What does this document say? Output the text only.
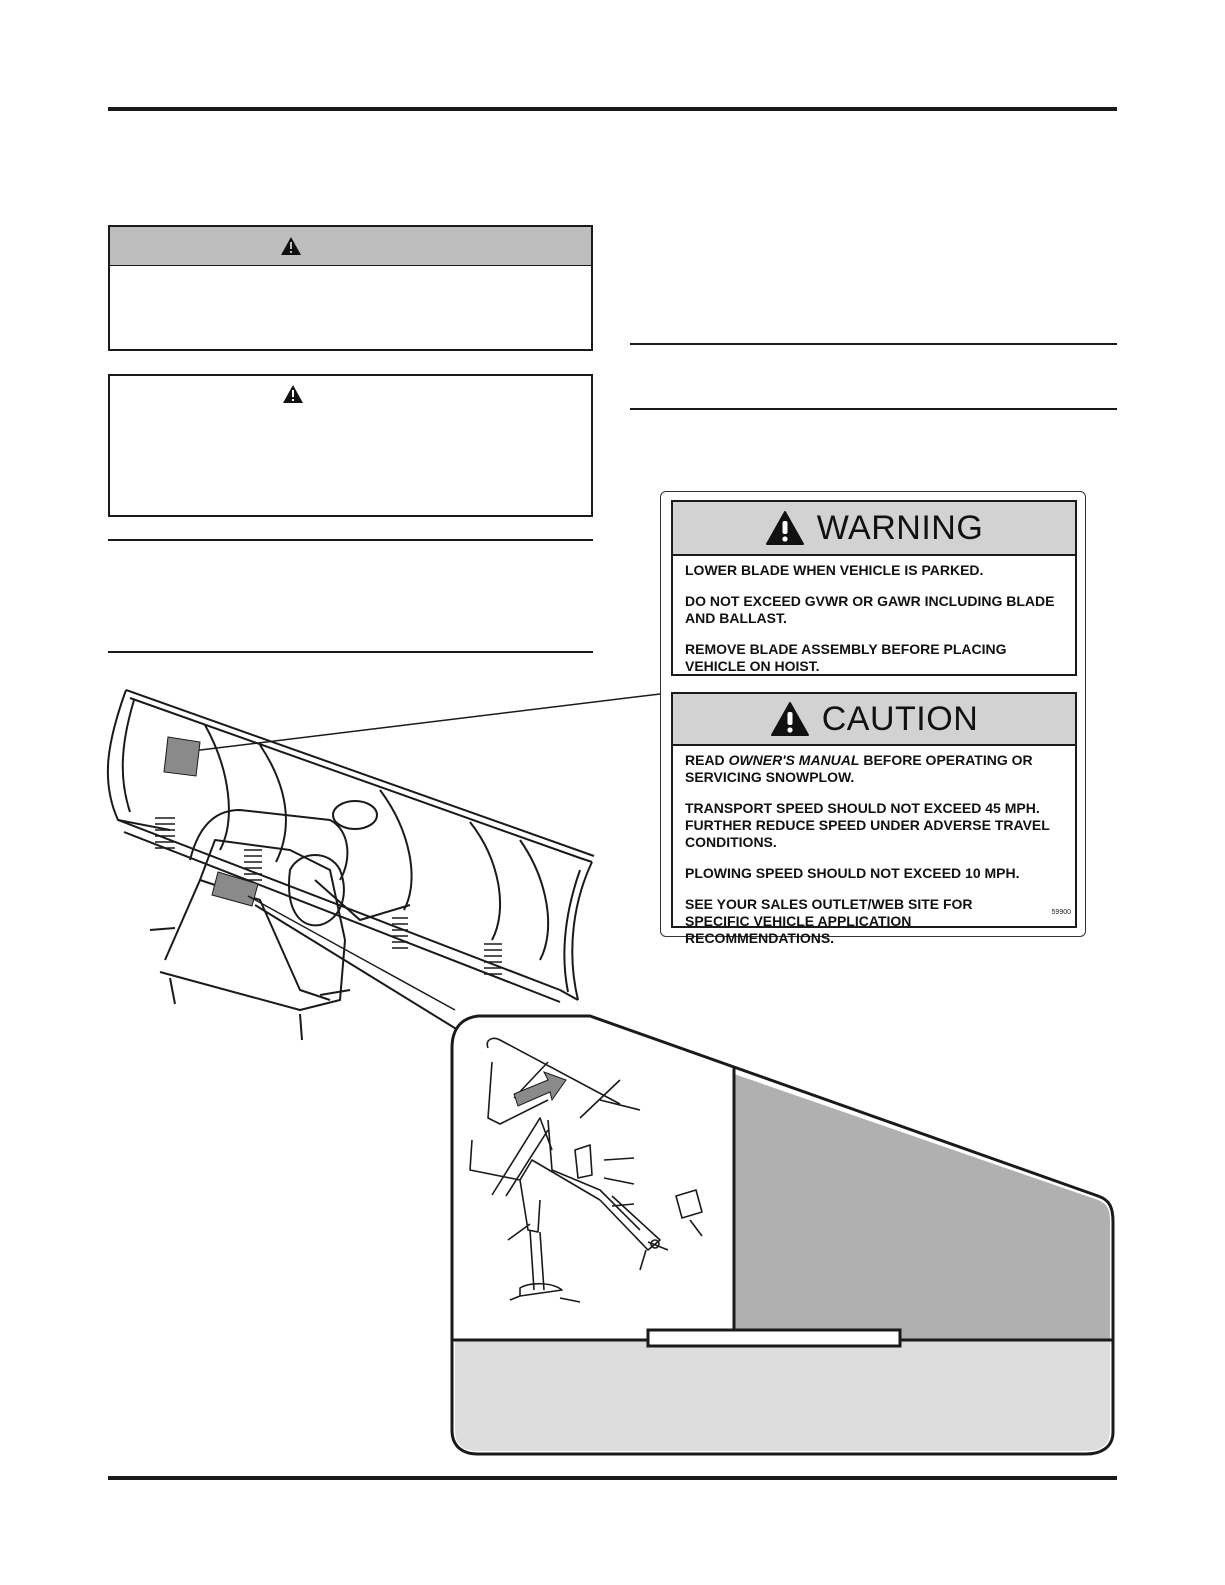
WARNING

LOWER BLADE WHEN VEHICLE IS PARKED.

DO NOT EXCEED GVWR OR GAWR INCLUDING BLADE AND BALLAST.

REMOVE BLADE ASSEMBLY BEFORE PLACING VEHICLE ON HOIST.

CAUTION

READ OWNER'S MANUAL BEFORE OPERATING OR SERVICING SNOWPLOW.

TRANSPORT SPEED SHOULD NOT EXCEED 45 MPH. FURTHER REDUCE SPEED UNDER ADVERSE TRAVEL CONDITIONS.

PLOWING SPEED SHOULD NOT EXCEED 10 MPH.

SEE YOUR SALES OUTLET/WEB SITE FOR SPECIFIC VEHICLE APPLICATION RECOMMENDATIONS.

59900
